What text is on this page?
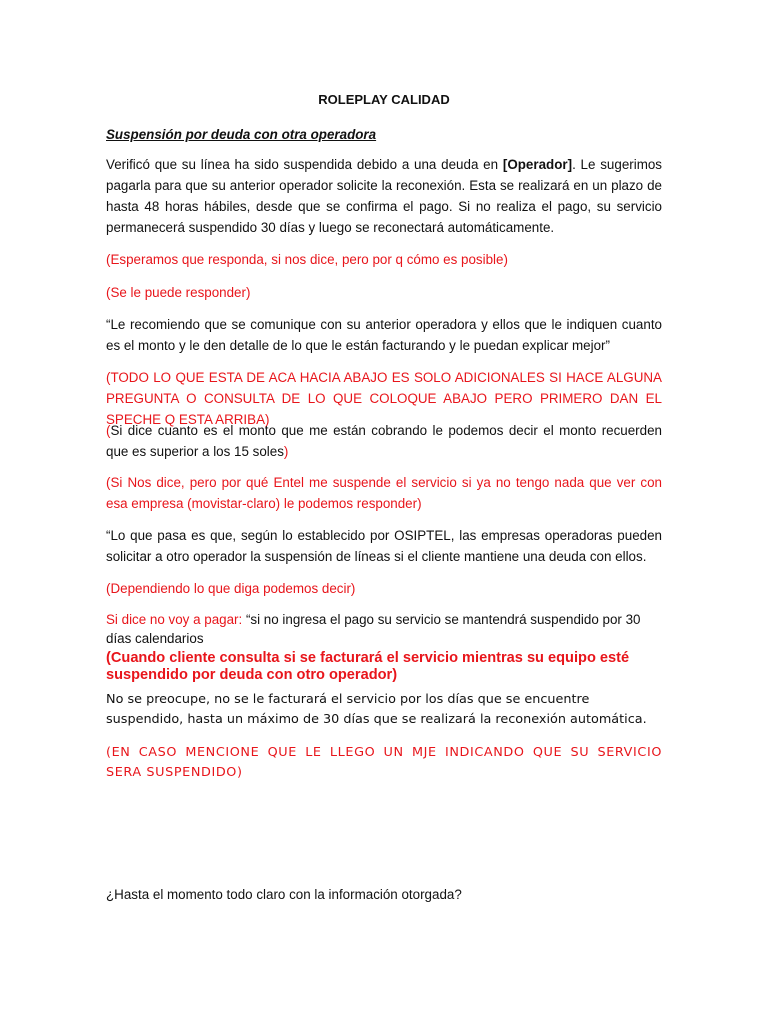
ROLEPLAY CALIDAD

Suspensión por deuda con otra operadora

Verificó que su línea ha sido suspendida debido a una deuda en [Operador]. Le sugerimos pagarla para que su anterior operador solicite la reconexión. Esta se realizará en un plazo de hasta 48 horas hábiles, desde que se confirma el pago. Si no realiza el pago, su servicio permanecerá suspendido 30 días y luego se reconectará automáticamente.

(Esperamos que responda, si nos dice, pero por q cómo es posible)

(Se le puede responder)

“Le recomiendo que se comunique con su anterior operadora y ellos que le indiquen cuanto es el monto y le den detalle de lo que le están facturando y le puedan explicar mejor”

(TODO LO QUE ESTA DE ACA HACIA ABAJO ES SOLO ADICIONALES SI HACE ALGUNA PREGUNTA O CONSULTA DE LO QUE COLOQUE ABAJO PERO PRIMERO DAN EL SPECHE Q ESTA ARRIBA)

(Si dice cuanto es el monto que me están cobrando le podemos decir el monto recuerden que es superior a los 15 soles)

(Si Nos dice, pero por qué Entel me suspende el servicio si ya no tengo nada que ver con esa empresa (movistar-claro) le podemos responder)

“Lo que pasa es que, según lo establecido por OSIPTEL, las empresas operadoras pueden solicitar a otro operador la suspensión de líneas si el cliente mantiene una deuda con ellos.

(Dependiendo lo que diga podemos decir)

Si dice no voy a pagar: “si no ingresa el pago su servicio se mantendrá suspendido por 30 días calendarios

(Cuando cliente consulta si se facturará el servicio mientras su equipo esté suspendido por deuda con otro operador)

No se preocupe, no se le facturará el servicio por los días que se encuentre suspendido, hasta un máximo de 30 días que se realizará la reconexión automática.

(EN CASO MENCIONE QUE LE LLEGO UN MJE INDICANDO QUE SU SERVICIO SERA SUSPENDIDO)

¿Hasta el momento todo claro con la información otorgada?
